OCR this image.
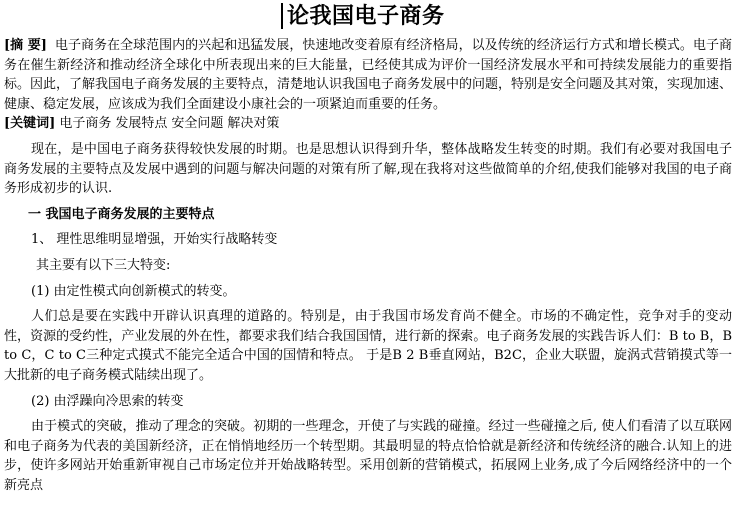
论我国电子商务

[摘 要] 电子商务在全球范围内的兴起和迅猛发展，快速地改变着原有经济格局，以及传统的经济运行方式和增长模式。电子商务在催生新经济和推动经济全球化中所表现出来的巨大能量，已经使其成为评价一国经济发展水平和可持续发展能力的重要指标。因此，了解我国电子商务发展的主要特点，清楚地认识我国电子商务发展中的问题，特别是安全问题及其对策，实现加速、健康、稳定发展，应该成为我们全面建设小康社会的一项紧迫而重要的任务。

[关键词] 电子商务 发展特点 安全问题 解决对策

现在，是中国电子商务获得较快发展的时期。也是思想认识得到升华，整体战略发生转变的时期。我们有必要对我国电子商务发展的主要特点及发展中遇到的问题与解决问题的对策有所了解,现在我将对这些做简单的介绍,使我们能够对我国的电子商务形成初步的认识.

一 我国电子商务发展的主要特点

1、 理性思维明显增强，开始实行战略转变

其主要有以下三大特变:

(1) 由定性模式向创新模式的转变。

人们总是要在实践中开辟认识真理的道路的。特别是，由于我国市场发育尚不健全。市场的不确定性，竞争对手的变动性，资源的受约性，产业发展的外在性，都要求我们结合我国国情，进行新的探索。电子商务发展的实践告诉人们：B to B，B to C，C to C三种定式摸式不能完全适合中国的国情和特点。 于是B 2 B垂直网站，B2C，企业大联盟，旋涡式营销摸式等一大批新的电子商务模式陆续出现了。

(2) 由浮躁向冷思索的转变

由于模式的突破，推动了理念的突破。初期的一些理念，开使了与实践的碰撞。经过一些碰撞之后, 使人们看清了以互联网和电子商务为代表的美国新经济，正在悄悄地经历一个转型期。其最明显的特点恰恰就是新经济和传统经济的融合.认知上的进步，使许多网站开始重新审视自己市场定位并开始战略转型。采用创新的营销模式，拓展网上业务,成了今后网络经济中的一个新亮点
